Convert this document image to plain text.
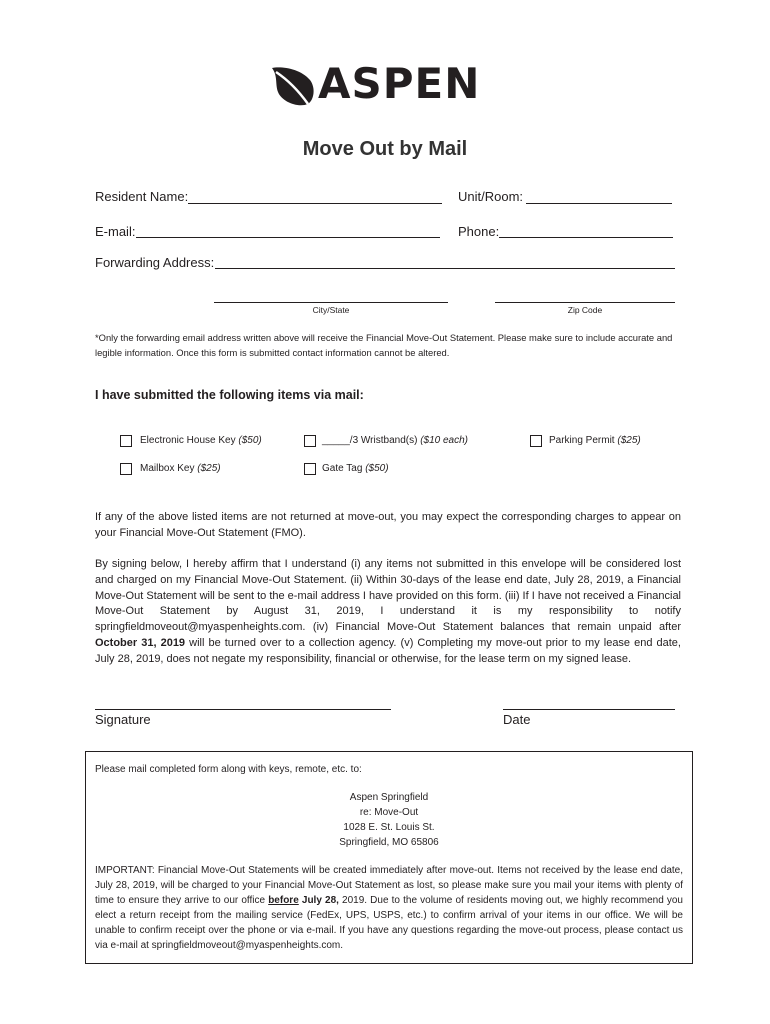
ASPEN
Move Out by Mail
Resident Name:	Unit/Room:
E-mail:	Phone:
Forwarding Address:
City/State	Zip Code
*Only the forwarding email address written above will receive the Financial Move-Out Statement. Please make sure to include accurate and legible information. Once this form is submitted contact information cannot be altered.
I have submitted the following items via mail:
Electronic House Key ($50)	_____/3 Wristband(s) ($10 each)	Parking Permit ($25)
Mailbox Key ($25)	Gate Tag ($50)
If any of the above listed items are not returned at move-out, you may expect the corresponding charges to appear on your Financial Move-Out Statement (FMO).
By signing below, I hereby affirm that I understand (i) any items not submitted in this envelope will be considered lost and charged on my Financial Move-Out Statement. (ii) Within 30-days of the lease end date, July 28, 2019, a Financial Move-Out Statement will be sent to the e-mail address I have provided on this form. (iii) If I have not received a Financial Move-Out Statement by August 31, 2019, I understand it is my responsibility to notify springfieldmoveout@myaspenheights.com. (iv) Financial Move-Out Statement balances that remain unpaid after October 31, 2019 will be turned over to a collection agency. (v) Completing my move-out prior to my lease end date, July 28, 2019, does not negate my responsibility, financial or otherwise, for the lease term on my signed lease.
Signature	Date
Please mail completed form along with keys, remote, etc. to:
Aspen Springfield
re: Move-Out
1028 E. St. Louis St.
Springfield, MO 65806
IMPORTANT: Financial Move-Out Statements will be created immediately after move-out. Items not received by the lease end date, July 28, 2019, will be charged to your Financial Move-Out Statement as lost, so please make sure you mail your items with plenty of time to ensure they arrive to our office before July 28, 2019. Due to the volume of residents moving out, we highly recommend you elect a return receipt from the mailing service (FedEx, UPS, USPS, etc.) to confirm arrival of your items in our office. We will be unable to confirm receipt over the phone or via e-mail. If you have any questions regarding the move-out process, please contact us via e-mail at springfieldmoveout@myaspenheights.com.
